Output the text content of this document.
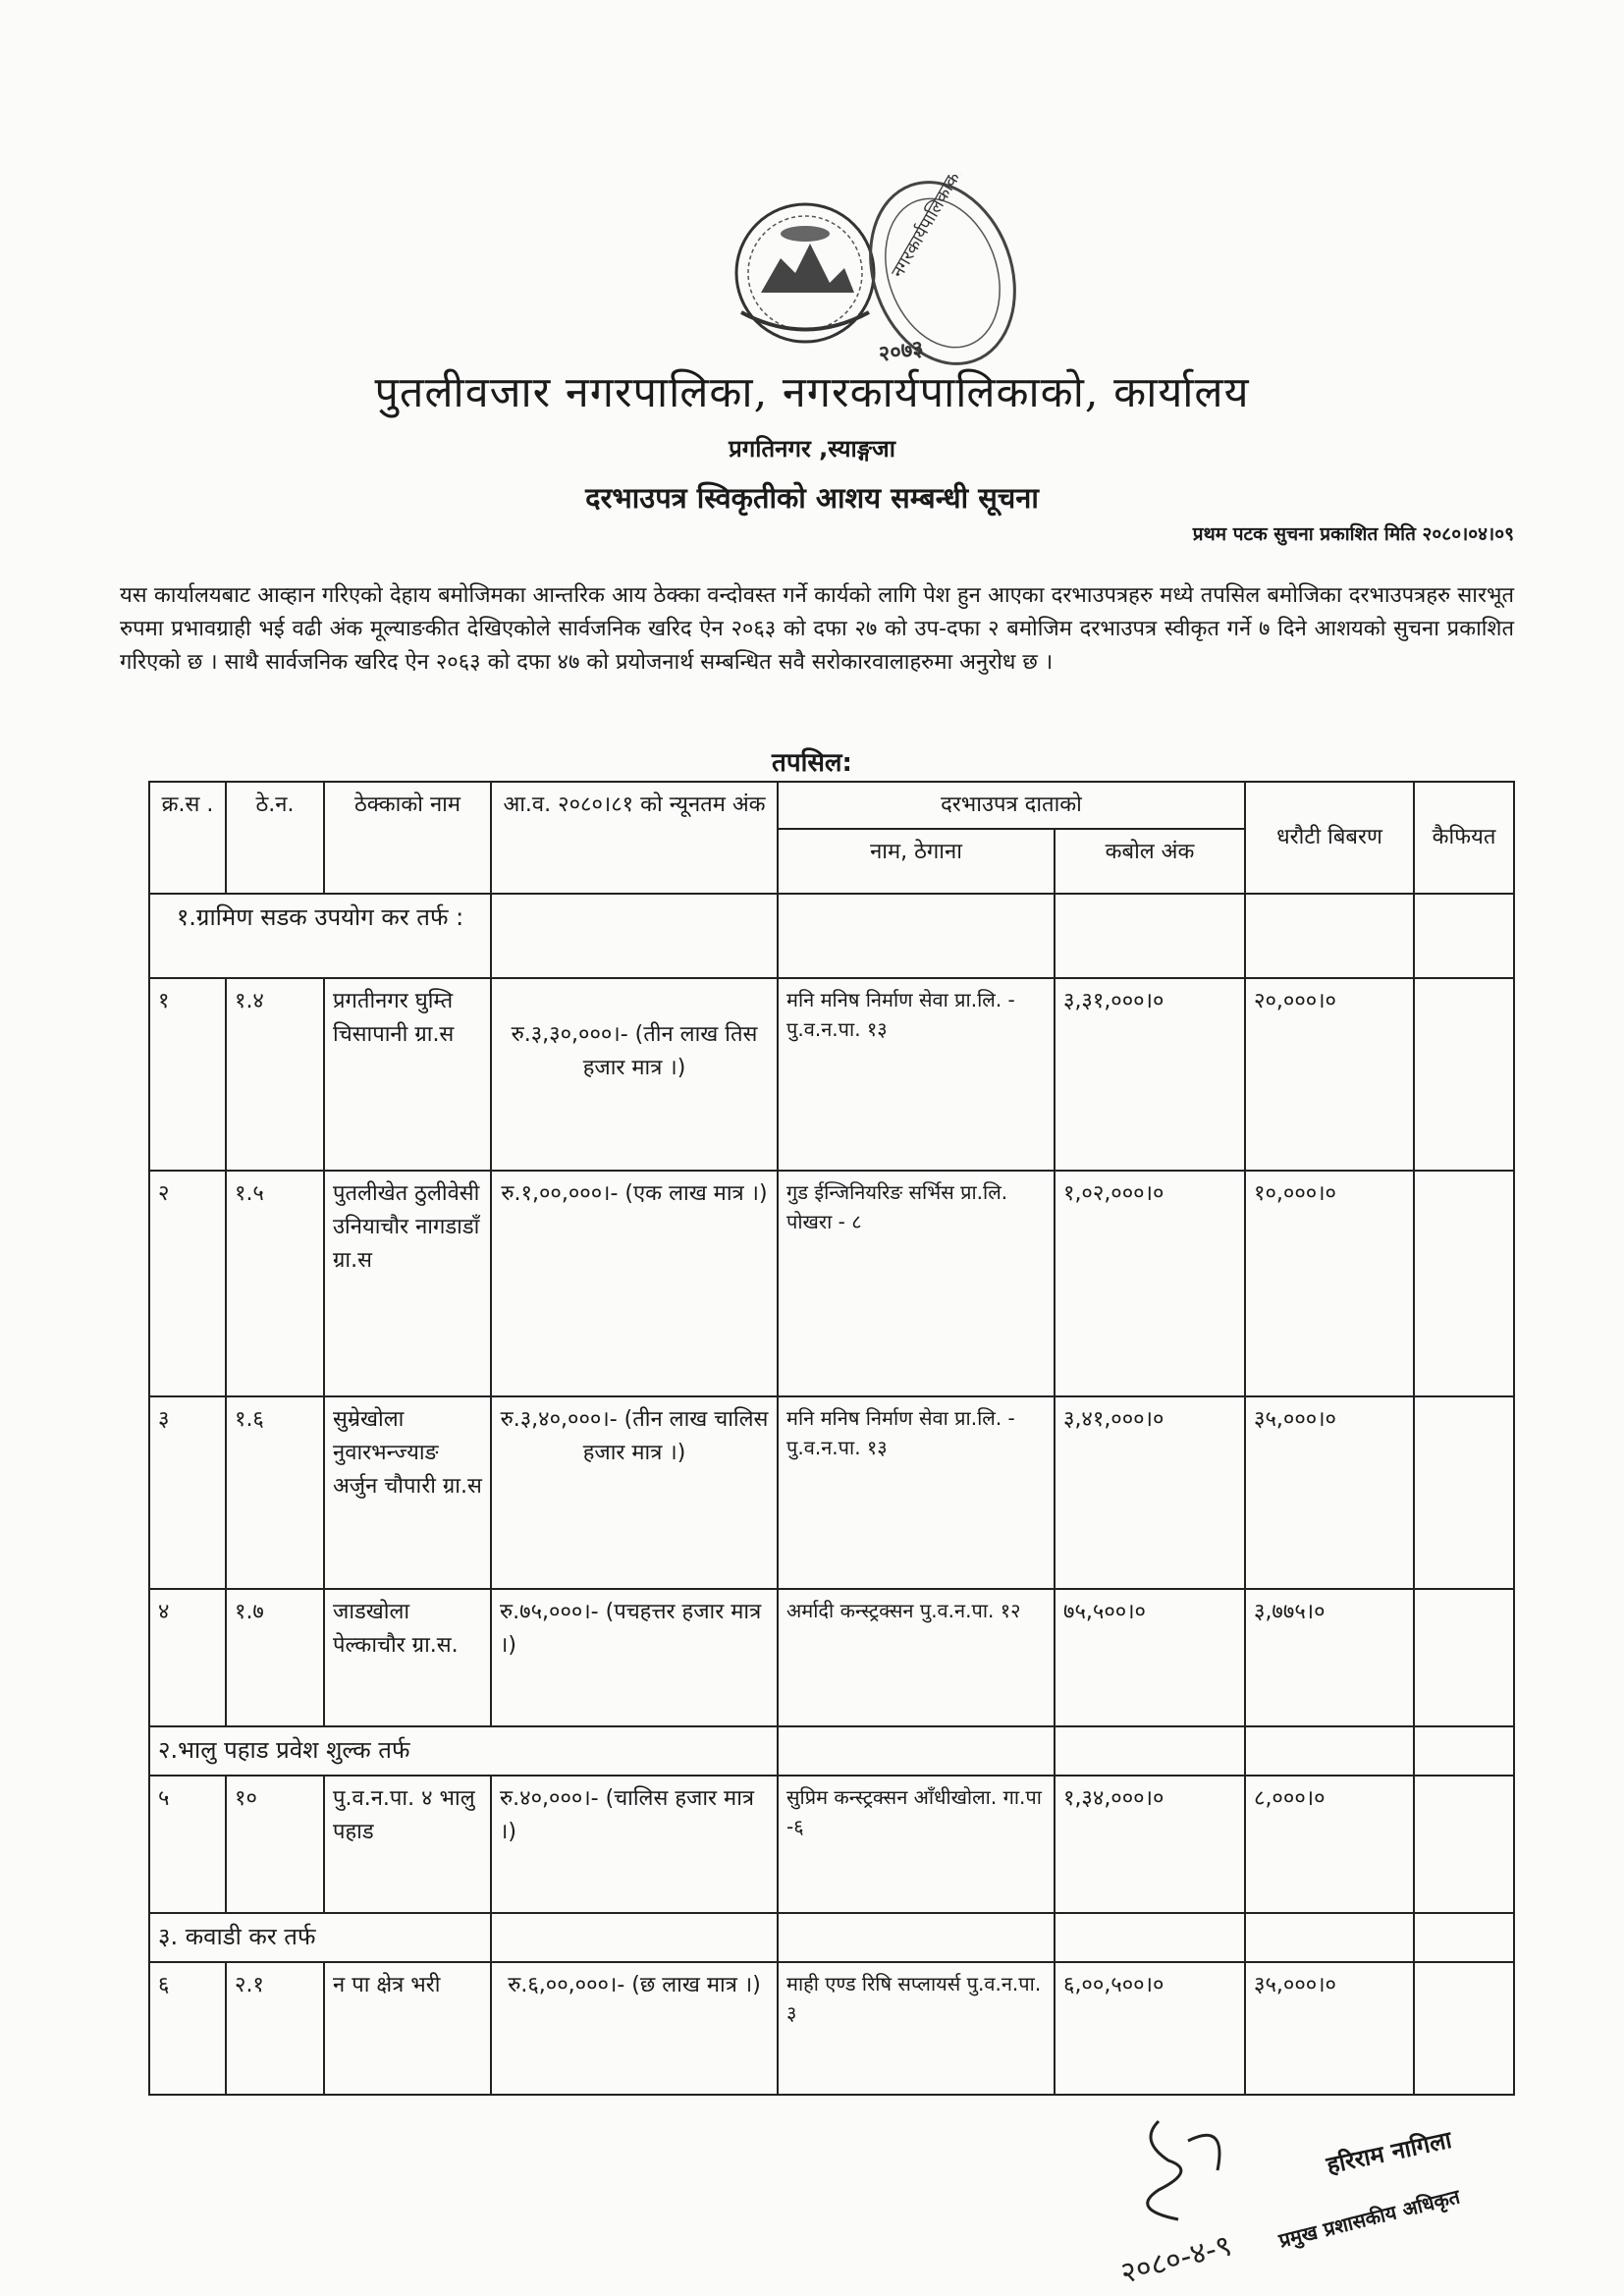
नगरकार्यपालिकाको कार्यालय
२०७३
पुतलीवजार नगरपालिका, नगरकार्यपालिकाको, कार्यालय
प्रगतिनगर ,स्याङ्गजा
दरभाउपत्र स्विकृतीको आशय सम्बन्धी सूचना
प्रथम पटक सुचना प्रकाशित मिति २०८०।०४।०९
यस कार्यालयबाट आव्हान गरिएको देहाय बमोजिमका आन्तरिक आय ठेक्का वन्दोवस्त गर्ने कार्यको लागि पेश हुन आएका दरभाउपत्रहरु मध्ये तपसिल बमोजिका दरभाउपत्रहरु सारभूत रुपमा प्रभावग्राही भई वढी अंक मूल्याङकीत देखिएकोले सार्वजनिक खरिद ऐन २०६३ को दफा २७ को उप-दफा २ बमोजिम दरभाउपत्र स्वीकृत गर्ने ७ दिने आशयको सुचना प्रकाशित गरिएको छ । साथै सार्वजनिक खरिद ऐन २०६३ को दफा ४७ को प्रयोजनार्थ सम्बन्धित सवै सरोकारवालाहरुमा अनुरोध छ ।
तपसिल:
क्र.स .	ठे.न.	ठेक्काको नाम	आ.व. २०८०।८१ को न्यूनतम अंक	दरभाउपत्र दाताको		धरौटी बिबरण	कैफियत
				नाम, ठेगाना	कबोल अंक		
१.ग्रामिण सडक उपयोग कर तर्फ :							
१	१.४	प्रगतीनगर घुम्ति चिसापानी ग्रा.स	रु.३,३०,०००।- (तीन लाख तिस हजार मात्र ।)	मनि मनिष निर्माण सेवा प्रा.लि. - पु.व.न.पा. १३	३,३१,०००।०	२०,०००।०	
२	१.५	पुतलीखेत ठुलीवेसी उनियाचौर नागडाडाँ ग्रा.स	रु.१,००,०००।- (एक लाख मात्र ।)	गुड ईन्जिनियरिङ सर्भिस प्रा.लि. पोखरा - ८	१,०२,०००।०	१०,०००।०	
३	१.६	सुम्रेखोला नुवारभन्ज्याङ अर्जुन चौपारी ग्रा.स	रु.३,४०,०००।- (तीन लाख चालिस हजार मात्र ।)	मनि मनिष निर्माण सेवा प्रा.लि. - पु.व.न.पा. १३	३,४१,०००।०	३५,०००।०	
४	१.७	जाडखोला पेल्काचौर ग्रा.स.	रु.७५,०००।- (पचहत्तर हजार मात्र ।)	अर्मादी कन्स्ट्रक्सन पु.व.न.पा. १२	७५,५००।०	३,७७५।०	
२.भालु पहाड प्रवेश शुल्क तर्फ							
५	१०	पु.व.न.पा. ४ भालु पहाड	रु.४०,०००।- (चालिस हजार मात्र ।)	सुप्रिम कन्स्ट्रक्सन आँधीखोला. गा.पा -६	१,३४,०००।०	८,०००।०	
३. कवाडी कर तर्फ							
६	२.१	न पा क्षेत्र भरी	रु.६,००,०००।- (छ लाख मात्र ।)	माही एण्ड रिषि सप्लायर्स पु.व.न.पा. ३	६,००,५००।०	३५,०००।०	
२०८०-४-९
हरिराम नागिला
प्रमुख प्रशासकीय अधिकृत
